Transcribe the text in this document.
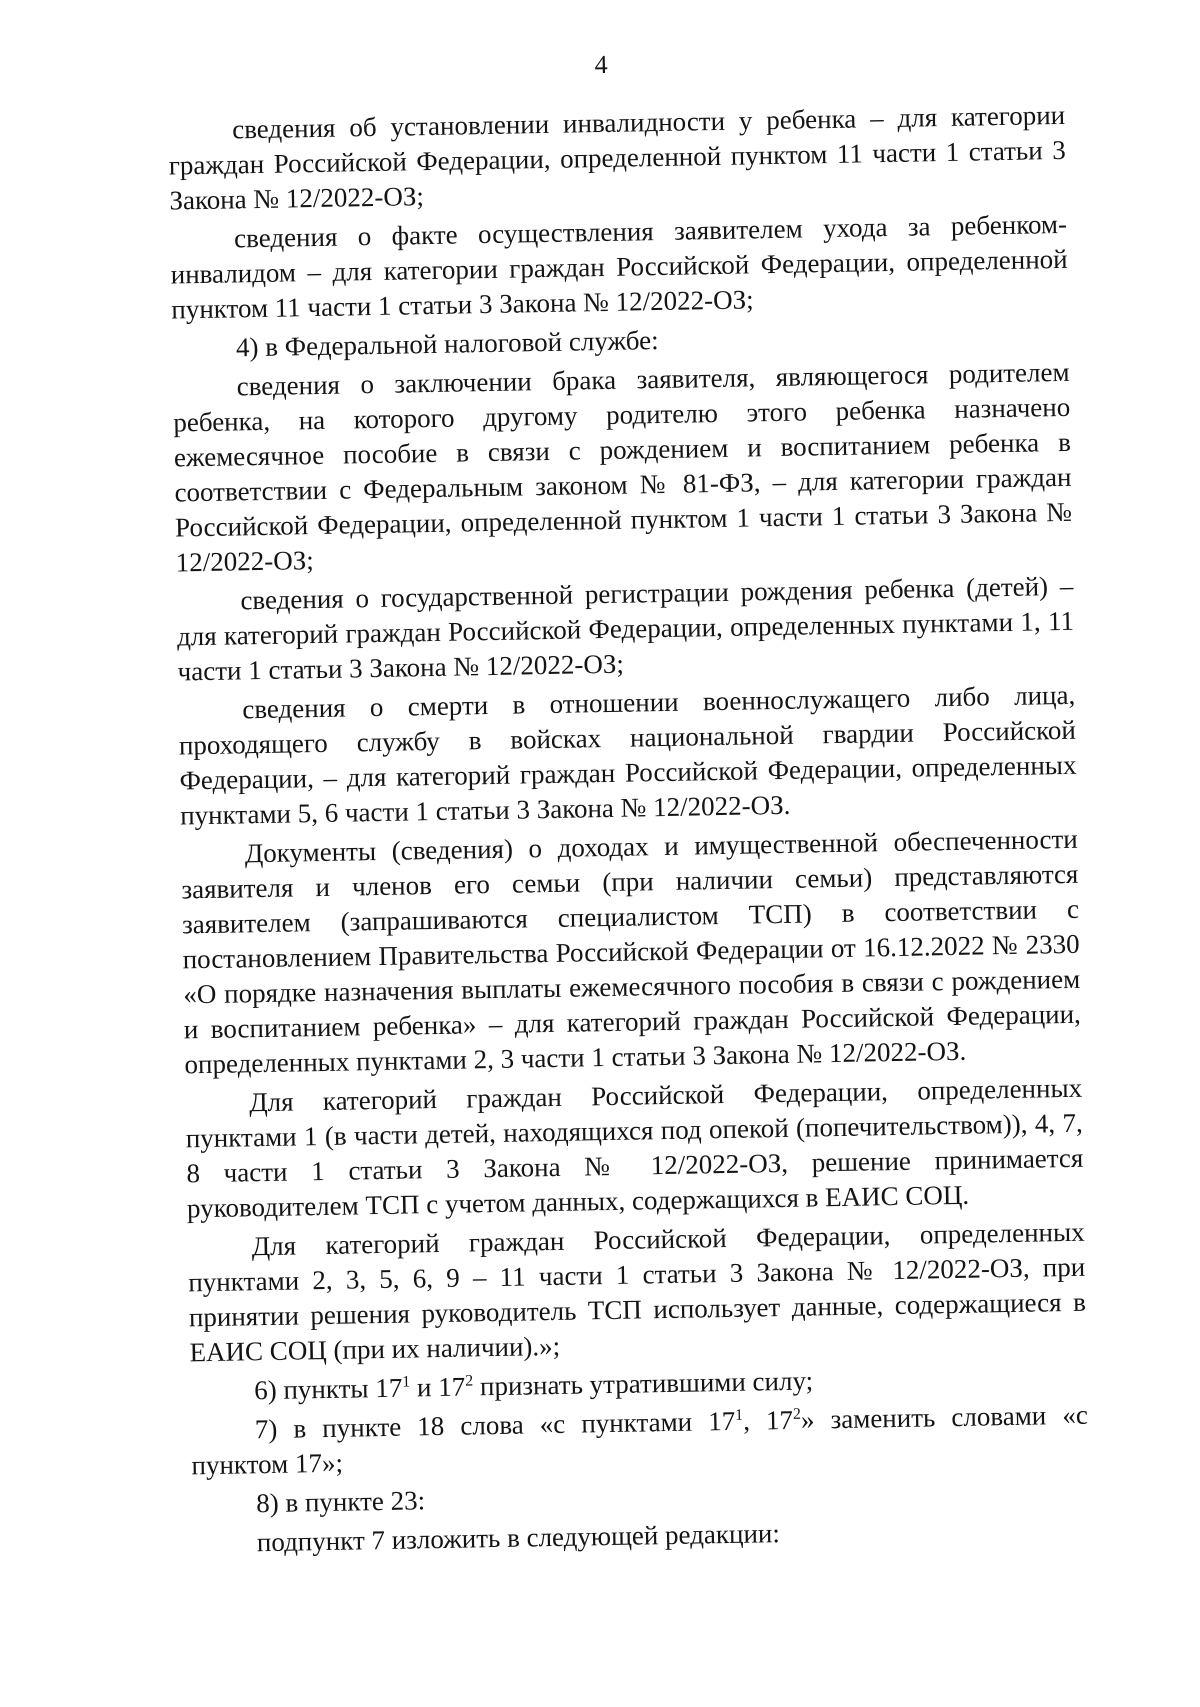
4

сведения об установлении инвалидности у ребенка – для категории граждан Российской Федерации, определенной пунктом 11 части 1 статьи 3 Закона № 12/2022-ОЗ;

сведения о факте осуществления заявителем ухода за ребенком-инвалидом – для категории граждан Российской Федерации, определенной пунктом 11 части 1 статьи 3 Закона № 12/2022-ОЗ;

4) в Федеральной налоговой службе:

сведения о заключении брака заявителя, являющегося родителем ребенка, на которого другому родителю этого ребенка назначено ежемесячное пособие в связи с рождением и воспитанием ребенка в соответствии с Федеральным законом № 81-ФЗ, – для категории граждан Российской Федерации, определенной пунктом 1 части 1 статьи 3 Закона № 12/2022-ОЗ;

сведения о государственной регистрации рождения ребенка (детей) – для категорий граждан Российской Федерации, определенных пунктами 1, 11 части 1 статьи 3 Закона № 12/2022-ОЗ;

сведения о смерти в отношении военнослужащего либо лица, проходящего службу в войсках национальной гвардии Российской Федерации, – для категорий граждан Российской Федерации, определенных пунктами 5, 6 части 1 статьи 3 Закона № 12/2022-ОЗ.

Документы (сведения) о доходах и имущественной обеспеченности заявителя и членов его семьи (при наличии семьи) представляются заявителем (запрашиваются специалистом ТСП) в соответствии с постановлением Правительства Российской Федерации от 16.12.2022 № 2330 «О порядке назначения выплаты ежемесячного пособия в связи с рождением и воспитанием ребенка» – для категорий граждан Российской Федерации, определенных пунктами 2, 3 части 1 статьи 3 Закона № 12/2022-ОЗ.

Для категорий граждан Российской Федерации, определенных пунктами 1 (в части детей, находящихся под опекой (попечительством)), 4, 7, 8 части 1 статьи 3 Закона № 12/2022-ОЗ, решение принимается руководителем ТСП с учетом данных, содержащихся в ЕАИС СОЦ.

Для категорий граждан Российской Федерации, определенных пунктами 2, 3, 5, 6, 9 – 11 части 1 статьи 3 Закона № 12/2022-ОЗ, при принятии решения руководитель ТСП использует данные, содержащиеся в ЕАИС СОЦ (при их наличии).»;

6) пункты $17^1$ и $17^2$ признать утратившими силу;

7) в пункте 18 слова «с пунктами $17^1$, $17^2$» заменить словами «с пунктом 17»;

8) в пункте 23:

подпункт 7 изложить в следующей редакции:
